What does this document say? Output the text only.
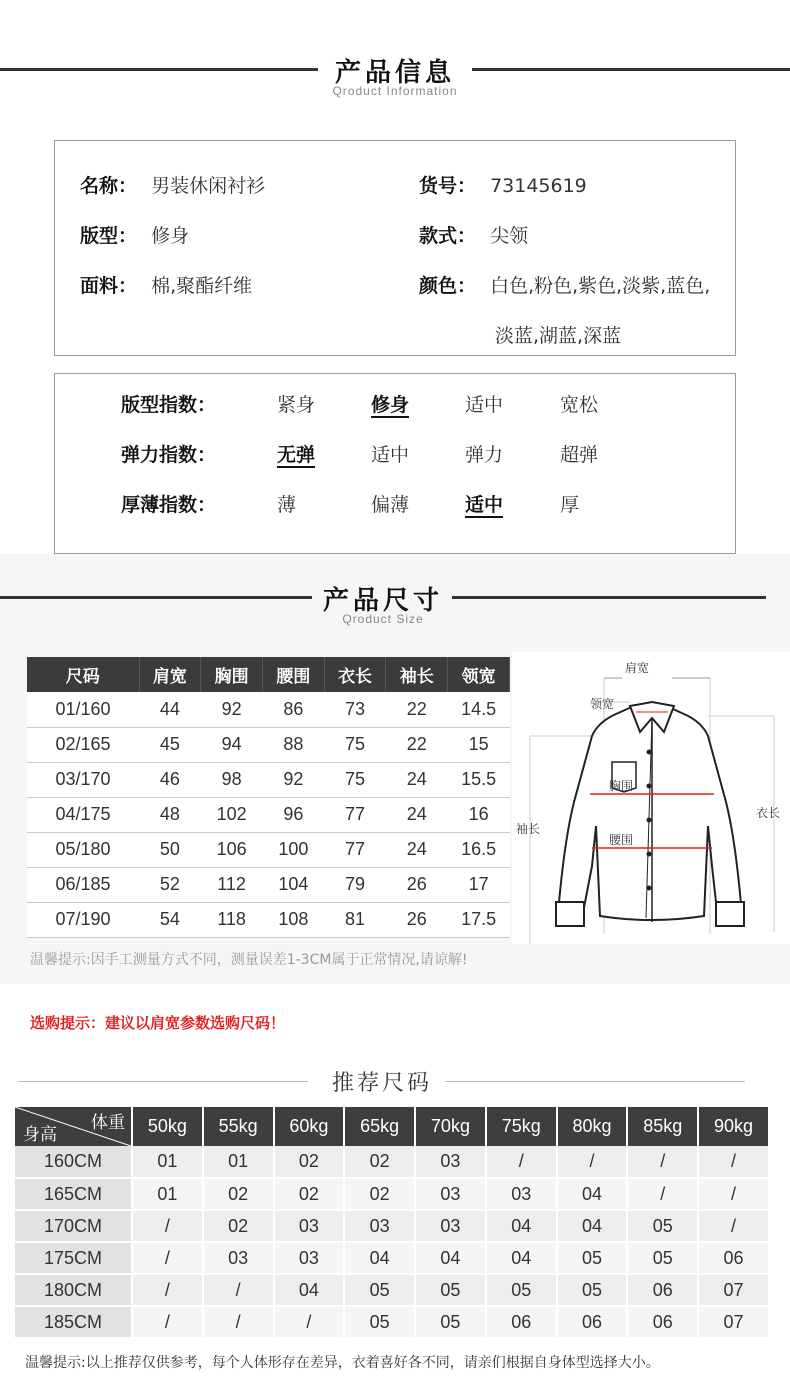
产品信息
Qroduct Information
名称： 男装休闲衬衫	货号： 73145619
版型： 修身	款式： 尖领
面料： 棉,聚酯纤维	颜色： 白色,粉色,紫色,淡紫,蓝色,
淡蓝,湖蓝,深蓝
版型指数：	紧身	修身	适中	宽松
弹力指数：	无弹	适中	弹力	超弹
厚薄指数：	薄	偏薄	适中	厚
产品尺寸
Qroduct Size
尺码	肩宽	胸围	腰围	衣长	袖长	领宽
01/160	44	92	86	73	22	14.5
02/165	45	94	88	75	22	15
03/170	46	98	92	75	24	15.5
04/175	48	102	96	77	24	16
05/180	50	106	100	77	24	16.5
06/185	52	112	104	79	26	17
07/190	54	118	108	81	26	17.5
肩宽
领宽
胸围
腰围
袖长
衣长
温馨提示:因手工测量方式不同，测量误差1-3CM属于正常情况,请谅解!
选购提示：建议以肩宽参数选购尺码！
推荐尺码
体重
身高	50kg	55kg	60kg	65kg	70kg	75kg	80kg	85kg	90kg
160CM	01	01	02	02	03	/	/	/	/
165CM	01	02	02	02	03	03	04	/	/
170CM	/	02	03	03	03	04	04	05	/
175CM	/	03	03	04	04	04	05	05	06
180CM	/	/	04	05	05	05	05	06	07
185CM	/	/	/	05	05	06	06	06	07
温馨提示:以上推荐仅供参考，每个人体形存在差异，衣着喜好各不同，请亲们根据自身体型选择大小。
